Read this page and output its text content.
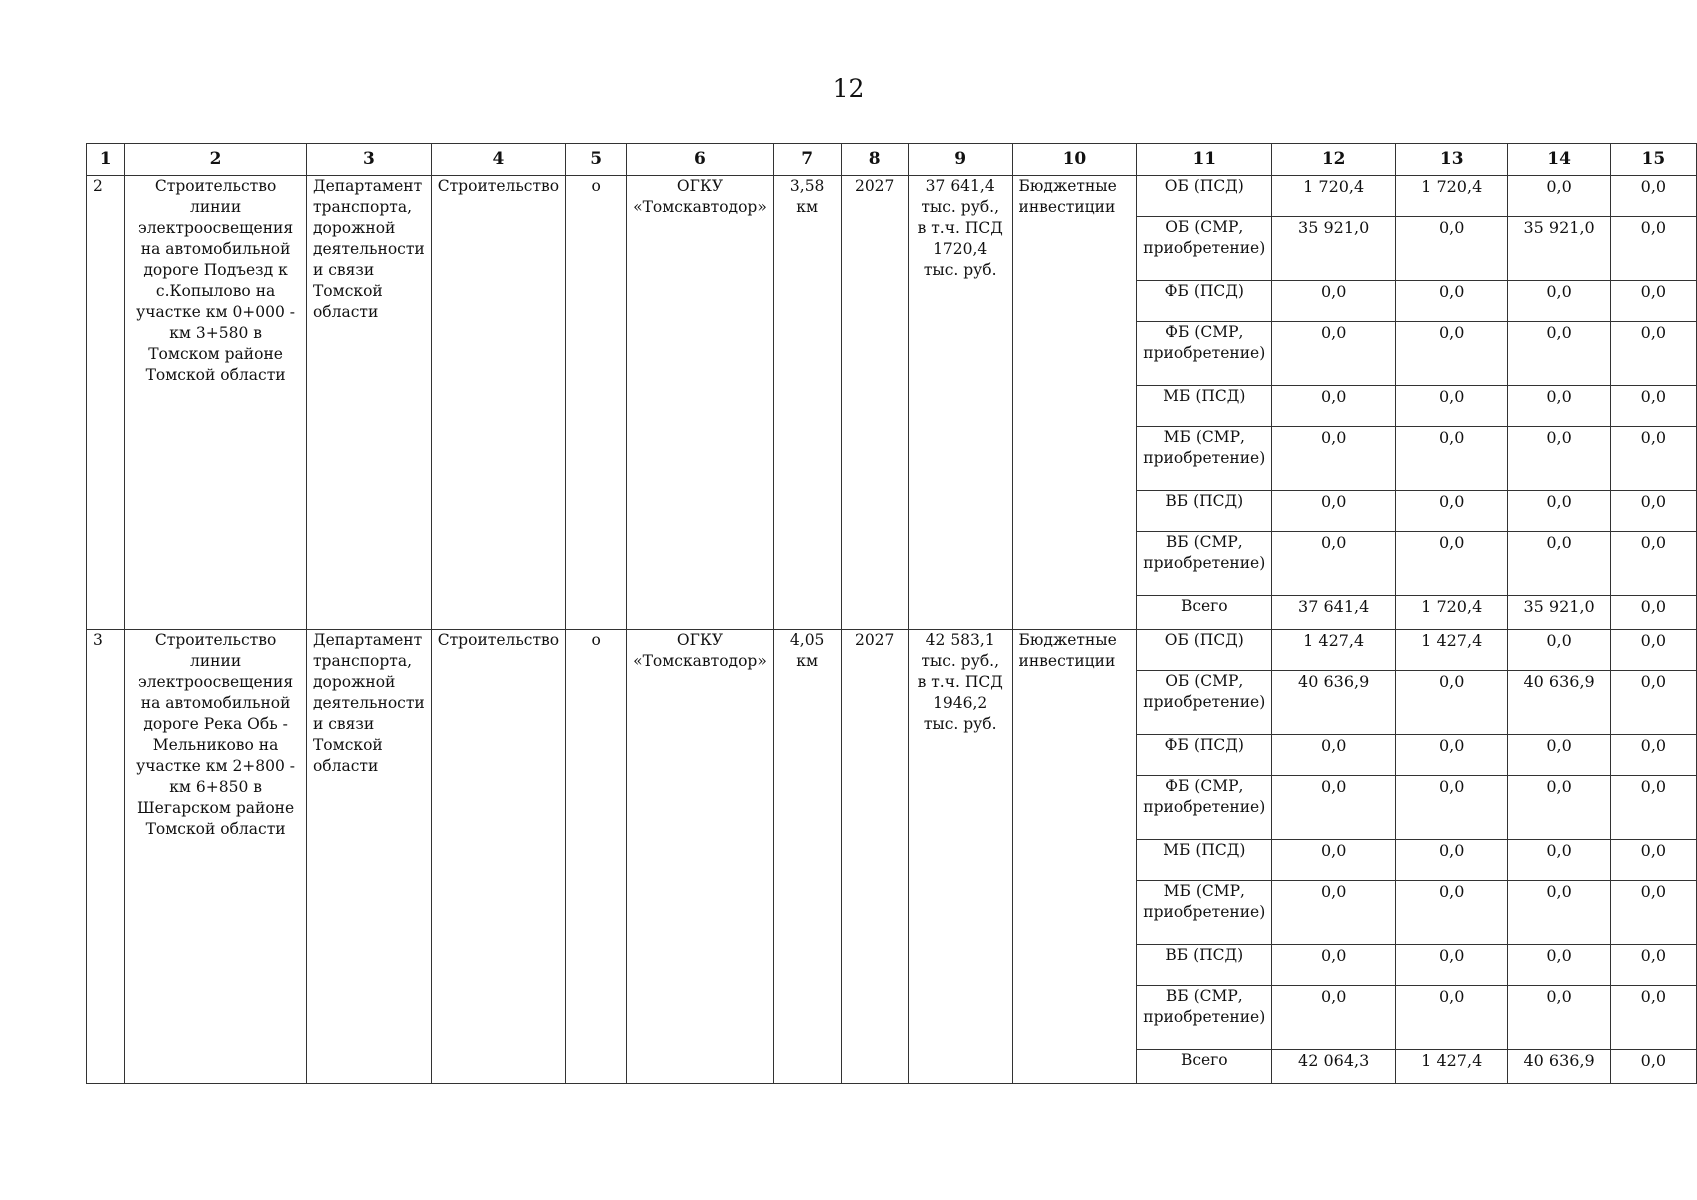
12
1	2	3	4	5	6	7	8	9	10	11	12	13	14	15
2	Строительство линии электроосвещения на автомобильной дороге Подъезд к с.Копылово на участке км 0+000 - км 3+580 в Томском районе Томской области	Департамент транспорта, дорожной деятельности и связи Томской области	Строительство	о	ОГКУ «Томскавтодор»	3,58 км	2027	37 641,4 тыс. руб., в т.ч. ПСД 1720,4 тыс. руб.	Бюджетные инвестиции	ОБ (ПСД)	1 720,4	1 720,4	0,0	0,0
										ОБ (СМР, приобретение)	35 921,0	0,0	35 921,0	0,0
										ФБ (ПСД)	0,0	0,0	0,0	0,0
										ФБ (СМР, приобретение)	0,0	0,0	0,0	0,0
										МБ (ПСД)	0,0	0,0	0,0	0,0
										МБ (СМР, приобретение)	0,0	0,0	0,0	0,0
										ВБ (ПСД)	0,0	0,0	0,0	0,0
										ВБ (СМР, приобретение)	0,0	0,0	0,0	0,0
										Всего	37 641,4	1 720,4	35 921,0	0,0
3	Строительство линии электроосвещения на автомобильной дороге Река Обь - Мельниково на участке км 2+800 - км 6+850 в Шегарском районе Томской области	Департамент транспорта, дорожной деятельности и связи Томской области	Строительство	о	ОГКУ «Томскавтодор»	4,05 км	2027	42 583,1 тыс. руб., в т.ч. ПСД 1946,2 тыс. руб.	Бюджетные инвестиции	ОБ (ПСД)	1 427,4	1 427,4	0,0	0,0
										ОБ (СМР, приобретение)	40 636,9	0,0	40 636,9	0,0
										ФБ (ПСД)	0,0	0,0	0,0	0,0
										ФБ (СМР, приобретение)	0,0	0,0	0,0	0,0
										МБ (ПСД)	0,0	0,0	0,0	0,0
										МБ (СМР, приобретение)	0,0	0,0	0,0	0,0
										ВБ (ПСД)	0,0	0,0	0,0	0,0
										ВБ (СМР, приобретение)	0,0	0,0	0,0	0,0
										Всего	42 064,3	1 427,4	40 636,9	0,0
